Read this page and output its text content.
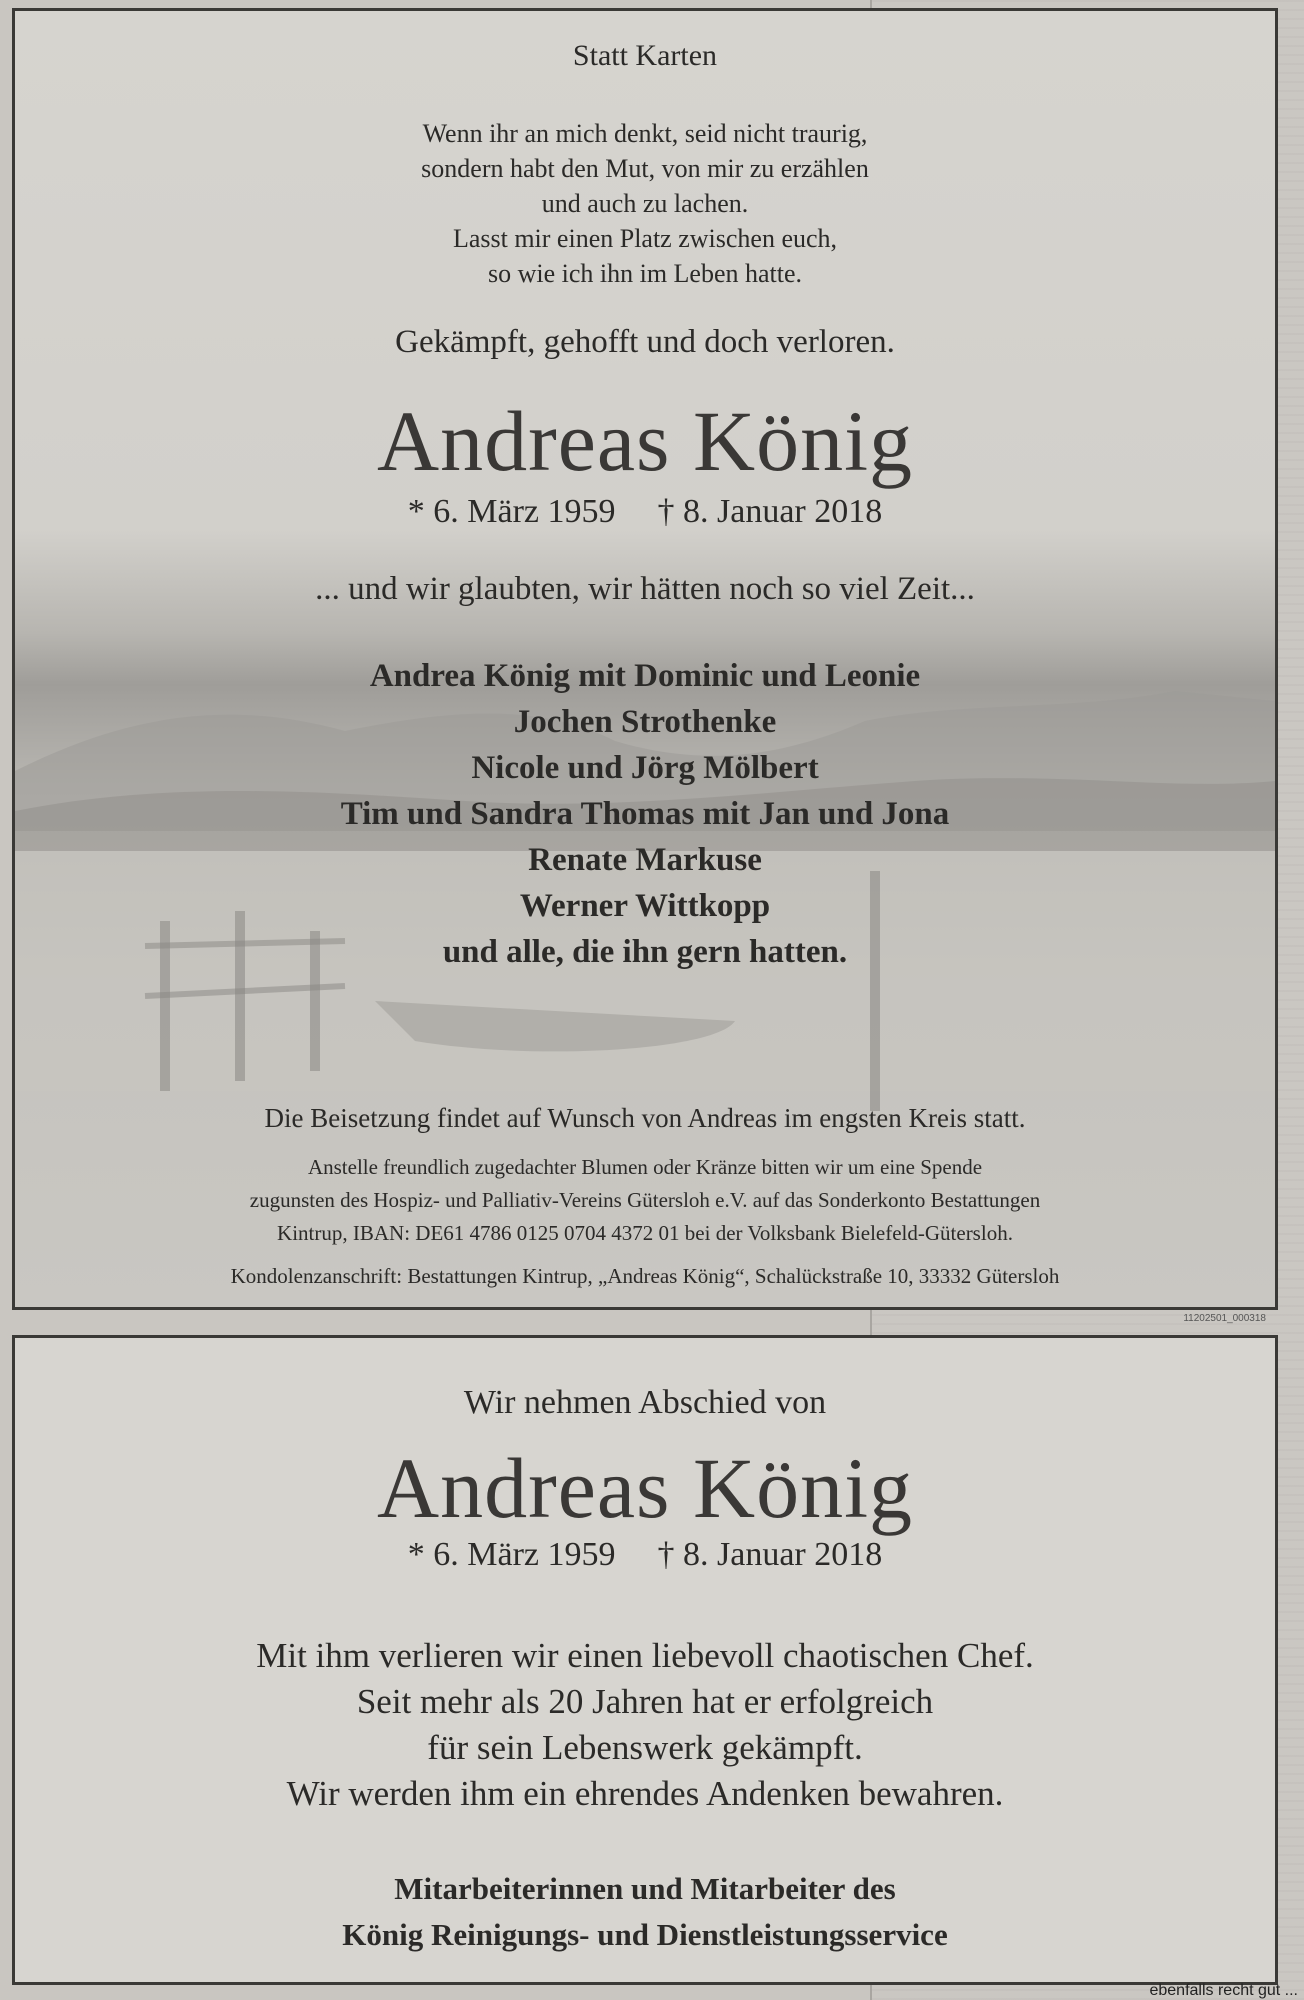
Statt Karten
Wenn ihr an mich denkt, seid nicht traurig,
sondern habt den Mut, von mir zu erzählen
und auch zu lachen.
Lasst mir einen Platz zwischen euch,
so wie ich ihn im Leben hatte.
Gekämpft, gehofft und doch verloren.
Andreas König
* 6. März 1959 † 8. Januar 2018
... und wir glaubten, wir hätten noch so viel Zeit...
Andrea König mit Dominic und Leonie
Jochen Strothenke
Nicole und Jörg Mölbert
Tim und Sandra Thomas mit Jan und Jona
Renate Markuse
Werner Wittkopp
und alle, die ihn gern hatten.
Die Beisetzung findet auf Wunsch von Andreas im engsten Kreis statt.
Anstelle freundlich zugedachter Blumen oder Kränze bitten wir um eine Spende
zugunsten des Hospiz- und Palliativ-Vereins Gütersloh e.V. auf das Sonderkonto Bestattungen
Kintrup, IBAN: DE61 4786 0125 0704 4372 01 bei der Volksbank Bielefeld-Gütersloh.
Kondolenzanschrift: Bestattungen Kintrup, „Andreas König“, Schalückstraße 10, 33332 Gütersloh
11202501_000318
Wir nehmen Abschied von
Andreas König
* 6. März 1959 † 8. Januar 2018
Mit ihm verlieren wir einen liebevoll chaotischen Chef.
Seit mehr als 20 Jahren hat er erfolgreich
für sein Lebenswerk gekämpft.
Wir werden ihm ein ehrendes Andenken bewahren.
Mitarbeiterinnen und Mitarbeiter des
König Reinigungs- und Dienstleistungsservice
ebenfalls recht gut ...
